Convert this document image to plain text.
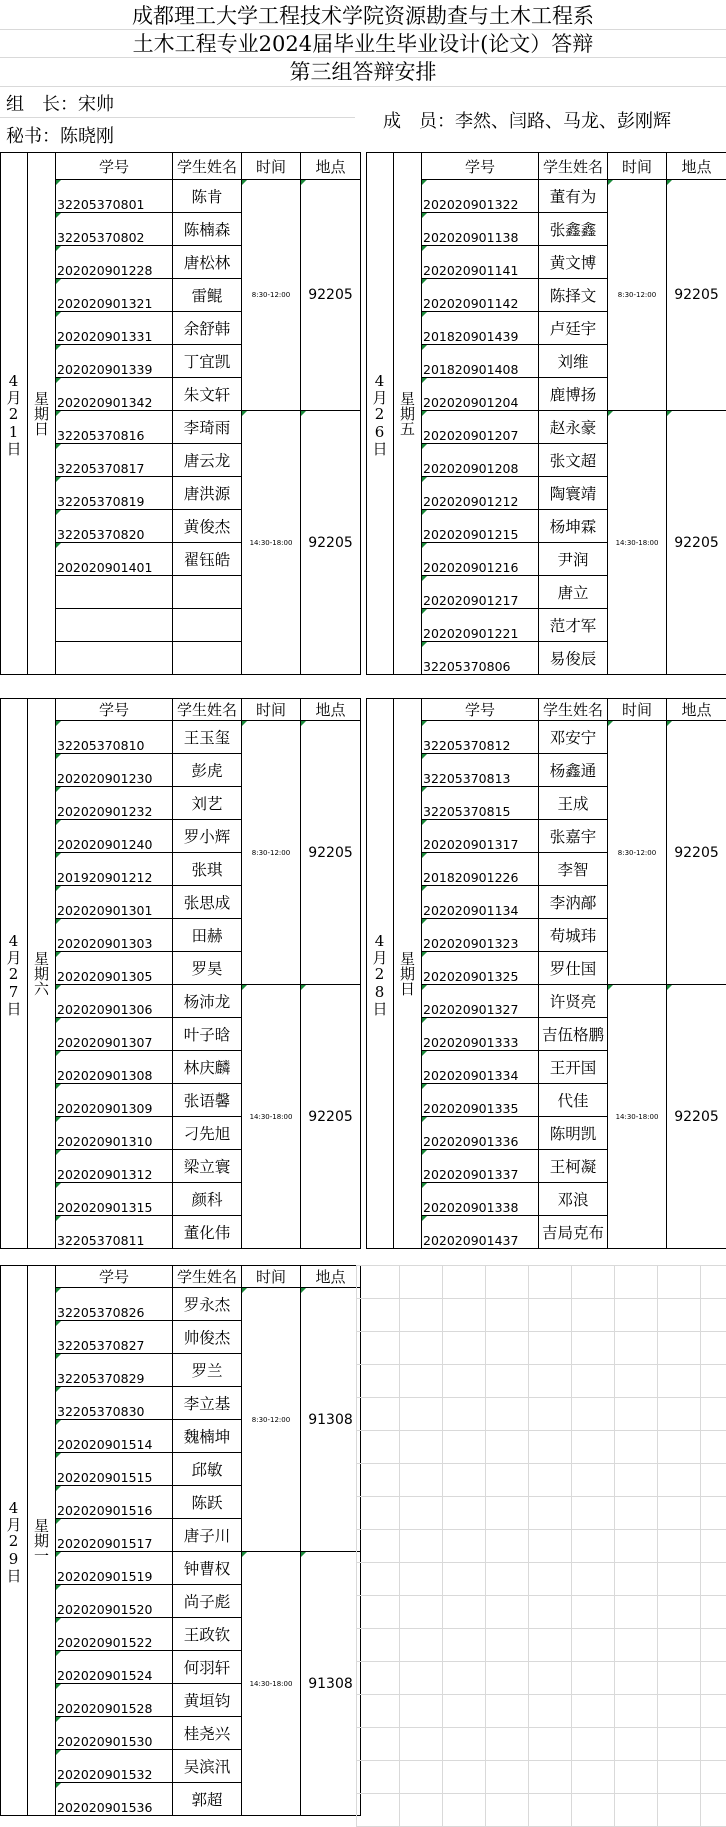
成都理工大学工程技术学院资源勘查与土木工程系
土木工程专业2024届毕业生毕业设计(论文）答辩
第三组答辩安排
组　长：宋帅
秘书：陈晓刚
成　员：李然、闫路、马龙、彭刚辉
4月21日	星期日	学号	学生姓名	时间	地点
		32205370801	陈肯	8:30-12:00	92205
		32205370802	陈楠森		
		202020901228	唐松林		
		202020901321	雷鲲		
		202020901331	余舒韩		
		202020901339	丁宜凯		
		202020901342	朱文轩		
		32205370816	李琦雨	14:30-18:00	92205
		32205370817	唐云龙		
		32205370819	唐洪源		
		32205370820	黄俊杰		
		202020901401	翟钰皓		

4月26日	星期五	学号	学生姓名	时间	地点
		202020901322	董有为	8:30-12:00	92205
		202020901138	张鑫鑫		
		202020901141	黄文博		
		202020901142	陈择文		
		201820901439	卢廷宇		
		201820901408	刘维		
		202020901204	鹿博扬		
		202020901207	赵永豪	14:30-18:00	92205
		202020901208	张文超		
		202020901212	陶寰靖		
		202020901215	杨坤霖		
		202020901216	尹润		
		202020901217	唐立		
		202020901221	范才军		
		32205370806	易俊辰		
4月27日	星期六	学号	学生姓名	时间	地点
		32205370810	王玉玺	8:30-12:00	92205
		202020901230	彭虎		
		202020901232	刘艺		
		202020901240	罗小辉		
		201920901212	张琪		
		202020901301	张思成		
		202020901303	田赫		
		202020901305	罗昊		
		202020901306	杨沛龙	14:30-18:00	92205
		202020901307	叶子晗		
		202020901308	林庆麟		
		202020901309	张语馨		
		202020901310	刁先旭		
		202020901312	梁立寰		
		202020901315	颜科		
		32205370811	董化伟		
4月28日	星期日	学号	学生姓名	时间	地点
		32205370812	邓安宁	8:30-12:00	92205
		32205370813	杨鑫通		
		32205370815	王成		
		202020901317	张嘉宇		
		201820901226	李智		
		202020901134	李汭鄗		
		202020901323	苟城玮		
		202020901325	罗仕国		
		202020901327	许贤亮	14:30-18:00	92205
		202020901333	吉伍格鹏		
		202020901334	王开国		
		202020901335	代佳		
		202020901336	陈明凯		
		202020901337	王柯凝		
		202020901338	邓浪		
		202020901437	吉局克布		
4月29日	星期一	学号	学生姓名	时间	地点
		32205370826	罗永杰	8:30-12:00	91308
		32205370827	帅俊杰		
		32205370829	罗兰		
		32205370830	李立基		
		202020901514	魏楠坤		
		202020901515	邱敏		
		202020901516	陈跃		
		202020901517	唐子川		
		202020901519	钟曹权	14:30-18:00	91308
		202020901520	尚子彪		
		202020901522	王政钦		
		202020901524	何羽轩		
		202020901528	黄垣钧		
		202020901530	桂尧兴		
		202020901532	吴滨汛		
		202020901536	郭超		
